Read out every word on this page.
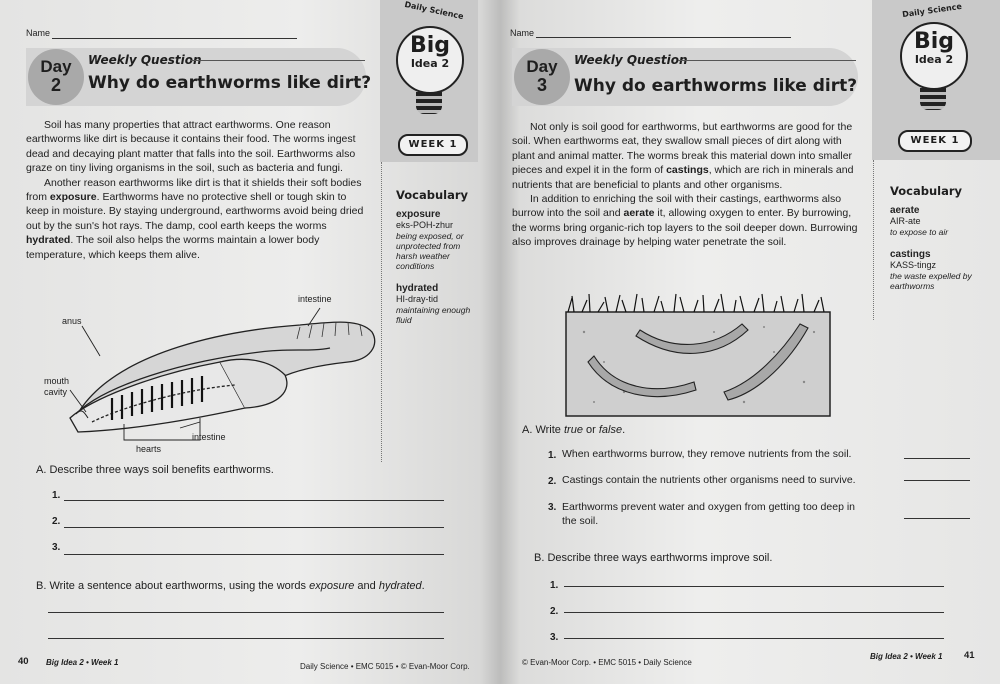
Name
Day
2
Weekly Question
Why do earthworms like dirt?
Daily Science
Big
Idea 2
WEEK 1

Soil has many properties that attract earthworms. One reason earthworms like dirt is because it contains their food. The worms ingest dead and decaying plant matter that falls into the soil. Earthworms also graze on tiny living organisms in the soil, such as bacteria and fungi.

Another reason earthworms like dirt is that it shields their soft bodies from exposure. Earthworms have no protective shell or tough skin to keep in moisture. By staying underground, earthworms avoid being dried out by the sun's hot rays. The damp, cool earth keeps the worms hydrated. The soil also helps the worms maintain a lower body temperature, which keeps them alive.

Vocabulary
exposure
eks-POH-zhur
being exposed, or unprotected from harsh weather conditions
hydrated
HI-dray-tid
maintaining enough fluid
intestine
anus
mouth
cavity
hearts
intestine
A. Describe three ways soil benefits earthworms.
1.
2.
3.
B. Write a sentence about earthworms, using the words exposure and hydrated.
40 Big Idea 2 • Week 1	Daily Science • EMC 5015 • © Evan-Moor Corp.
Name
Day
3
Weekly Question
Why do earthworms like dirt?
Daily Science
Big
Idea 2
WEEK 1

Not only is soil good for earthworms, but earthworms are good for the soil. When earthworms eat, they swallow small pieces of dirt along with plant and animal matter. The worms break this material down into smaller pieces and expel it in the form of castings, which are rich in minerals and nutrients that are beneficial to plants and other organisms.

In addition to enriching the soil with their castings, earthworms also burrow into the soil and aerate it, allowing oxygen to enter. By burrowing, the worms bring organic-rich top layers to the soil deeper down. Burrowing also improves drainage by helping water penetrate the soil.

Vocabulary
aerate
AIR-ate
to expose to air
castings
KASS-tingz
the waste expelled by earthworms
A. Write true or false.
1. When earthworms burrow, they remove nutrients from the soil.
2. Castings contain the nutrients other organisms need to survive.
3. Earthworms prevent water and oxygen from getting too deep in the soil.
B. Describe three ways earthworms improve soil.
1.
2.
3.
© Evan-Moor Corp. • EMC 5015 • Daily Science
Big Idea 2 • Week 1 41
